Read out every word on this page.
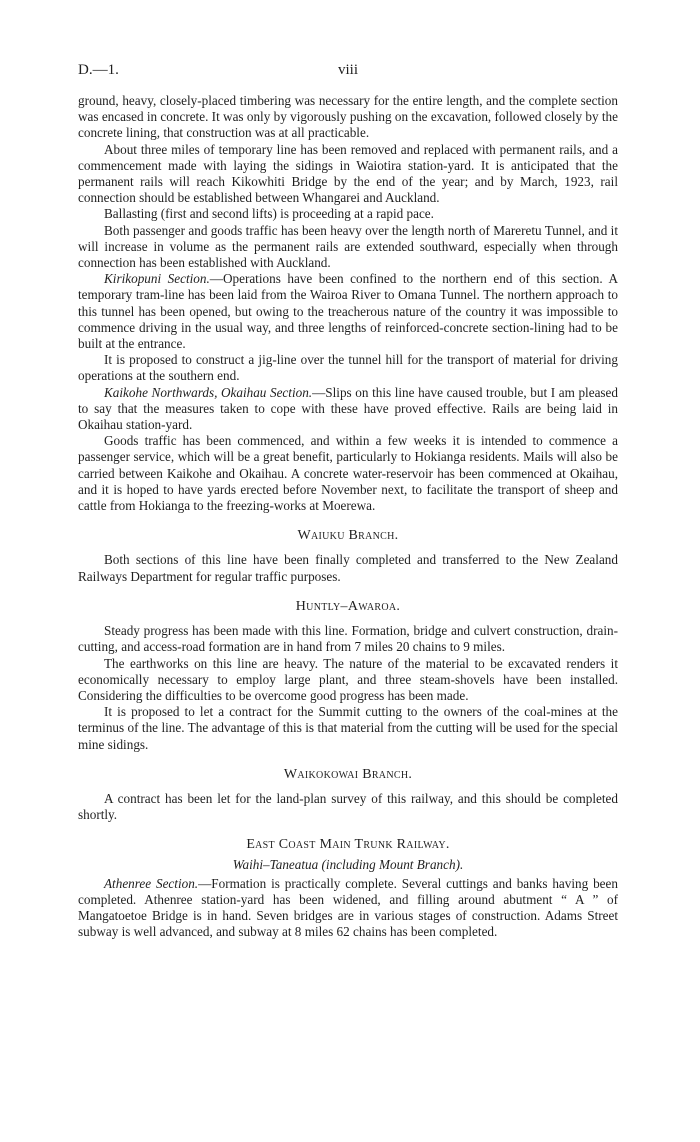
D.—1.	viii

ground, heavy, closely-placed timbering was necessary for the entire length, and the complete section was encased in concrete. It was only by vigorously pushing on the excavation, followed closely by the concrete lining, that construction was at all practicable.

About three miles of temporary line has been removed and replaced with permanent rails, and a commencement made with laying the sidings in Waiotira station-yard. It is anticipated that the permanent rails will reach Kikowhiti Bridge by the end of the year; and by March, 1923, rail connection should be established between Whangarei and Auckland.

Ballasting (first and second lifts) is proceeding at a rapid pace.

Both passenger and goods traffic has been heavy over the length north of Mareretu Tunnel, and it will increase in volume as the permanent rails are extended southward, especially when through connection has been established with Auckland.

Kirikopuni Section.—Operations have been confined to the northern end of this section. A temporary tram-line has been laid from the Wairoa River to Omana Tunnel. The northern approach to this tunnel has been opened, but owing to the treacherous nature of the country it was impossible to commence driving in the usual way, and three lengths of reinforced-concrete section-lining had to be built at the entrance.

It is proposed to construct a jig-line over the tunnel hill for the transport of material for driving operations at the southern end.

Kaikohe Northwards, Okaihau Section.—Slips on this line have caused trouble, but I am pleased to say that the measures taken to cope with these have proved effective. Rails are being laid in Okaihau station-yard.

Goods traffic has been commenced, and within a few weeks it is intended to commence a passenger service, which will be a great benefit, particularly to Hokianga residents. Mails will also be carried between Kaikohe and Okaihau. A concrete water-reservoir has been commenced at Okaihau, and it is hoped to have yards erected before November next, to facilitate the transport of sheep and cattle from Hokianga to the freezing-works at Moerewa.

Waiuku Branch.

Both sections of this line have been finally completed and transferred to the New Zealand Railways Department for regular traffic purposes.

Huntly–Awaroa.

Steady progress has been made with this line. Formation, bridge and culvert construction, drain-cutting, and access-road formation are in hand from 7 miles 20 chains to 9 miles.

The earthworks on this line are heavy. The nature of the material to be excavated renders it economically necessary to employ large plant, and three steam-shovels have been installed. Considering the difficulties to be overcome good progress has been made.

It is proposed to let a contract for the Summit cutting to the owners of the coal-mines at the terminus of the line. The advantage of this is that material from the cutting will be used for the special mine sidings.

Waikokowai Branch.

A contract has been let for the land-plan survey of this railway, and this should be completed shortly.

East Coast Main Trunk Railway.

Waihi–Taneatua (including Mount Branch).

Athenree Section.—Formation is practically complete. Several cuttings and banks having been completed. Athenree station-yard has been widened, and filling around abutment “ A ” of Mangatoetoe Bridge is in hand. Seven bridges are in various stages of construction. Adams Street subway is well advanced, and subway at 8 miles 62 chains has been completed.
